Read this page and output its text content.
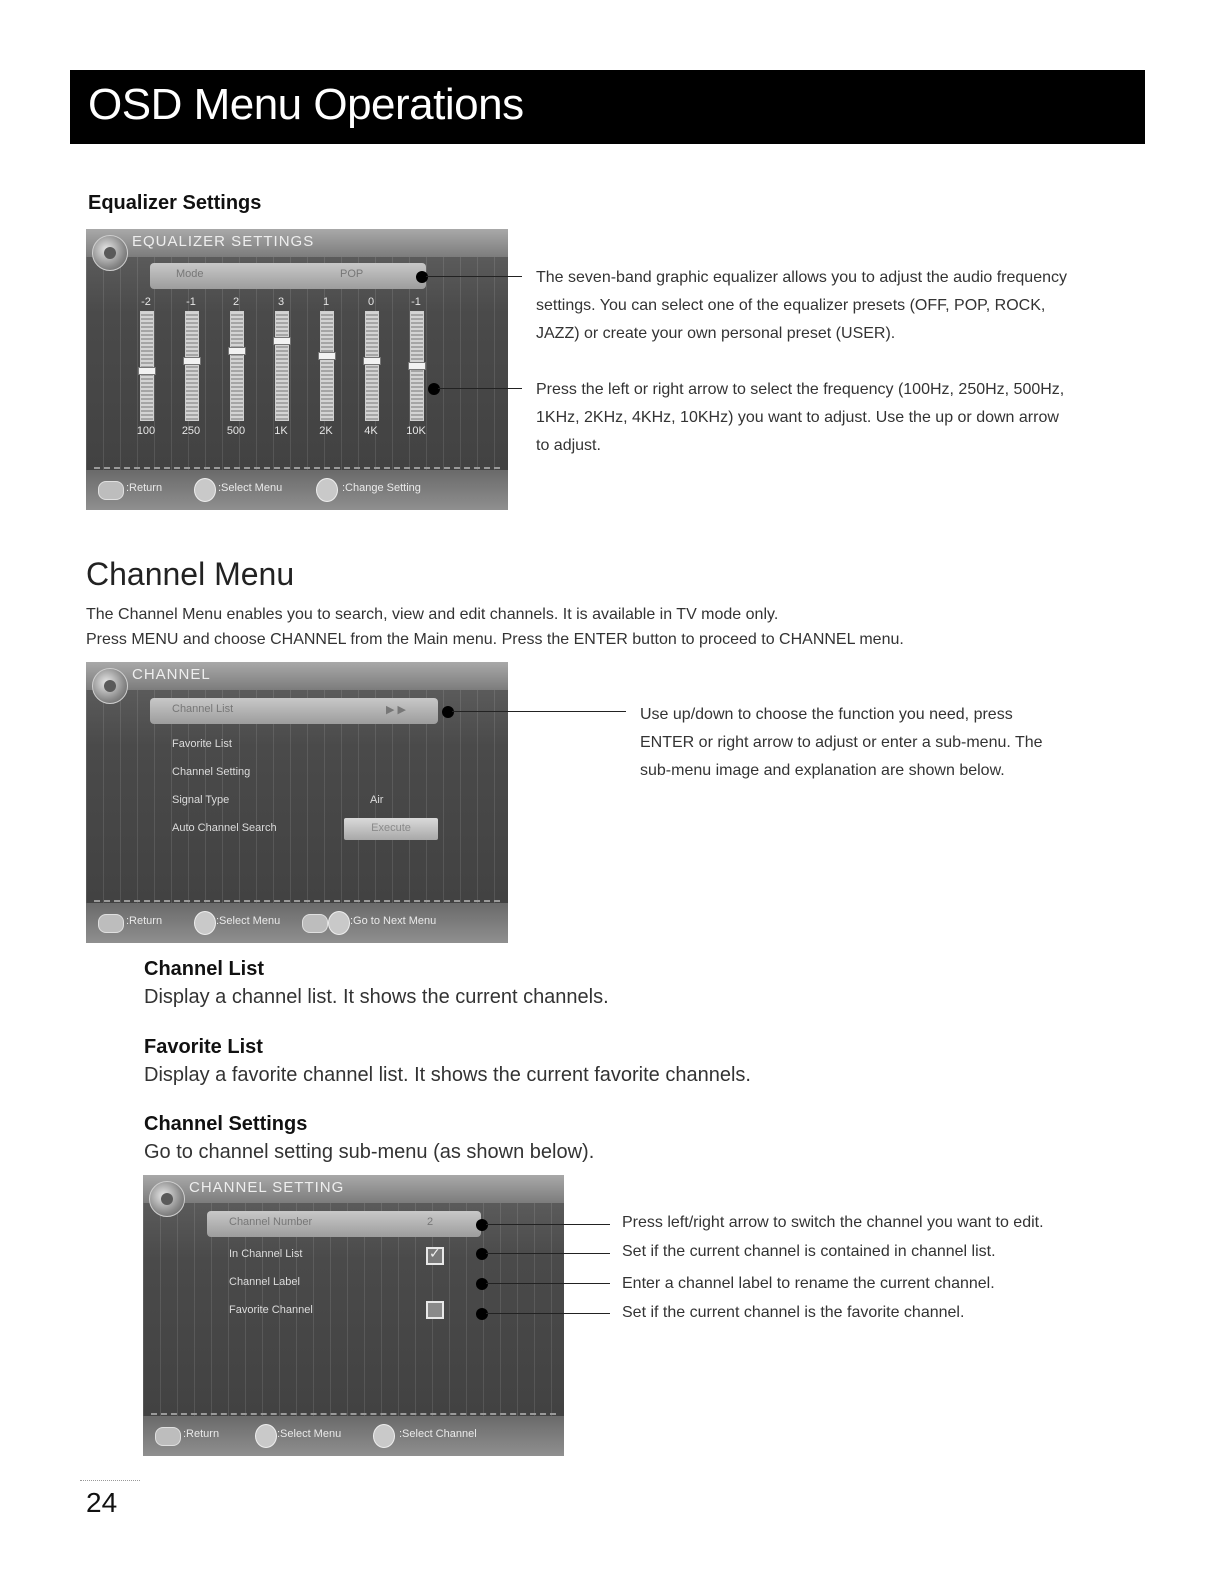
OSD Menu Operations
Equalizer Settings
EQUALIZER SETTINGS
Mode	POP
-2
100
-1
250
2
500
3
1K
1
2K
0
4K
-1
10K
:Return	:Select Menu	:Change Setting
The seven-band graphic equalizer allows you to adjust the audio frequency
settings. You can select one of the equalizer presets (OFF, POP, ROCK,
JAZZ) or create your own personal preset (USER).
Press the left or right arrow to select the frequency (100Hz, 250Hz, 500Hz,
1KHz, 2KHz, 4KHz, 10KHz) you want to adjust. Use the up or down arrow
to adjust.
Channel Menu
The Channel Menu enables you to search, view and edit channels. It is available in TV mode only.
Press MENU and choose CHANNEL from the Main menu. Press the ENTER button to proceed to CHANNEL menu.
CHANNEL
Channel List	▶ ▶
Favorite List
Channel Setting
Signal Type	Air
Auto Channel Search	Execute
:Return	:Select Menu	:Go to Next Menu
Use up/down to choose the function you need, press
ENTER or right arrow to adjust or enter a sub-menu. The
sub-menu image and explanation are shown below.
Channel List
Display a channel list. It shows the current channels.
Favorite List
Display a favorite channel list. It shows the current favorite channels.
Channel Settings
Go to channel setting sub-menu (as shown below).
CHANNEL SETTING
Channel Number	2
In Channel List	✓
Channel Label
Favorite Channel
:Return	:Select Menu	:Select Channel
Press left/right arrow to switch the channel you want to edit.
Set if the current channel is contained in channel list.
Enter a channel label to rename the current channel.
Set if the current channel is the favorite channel.
24
